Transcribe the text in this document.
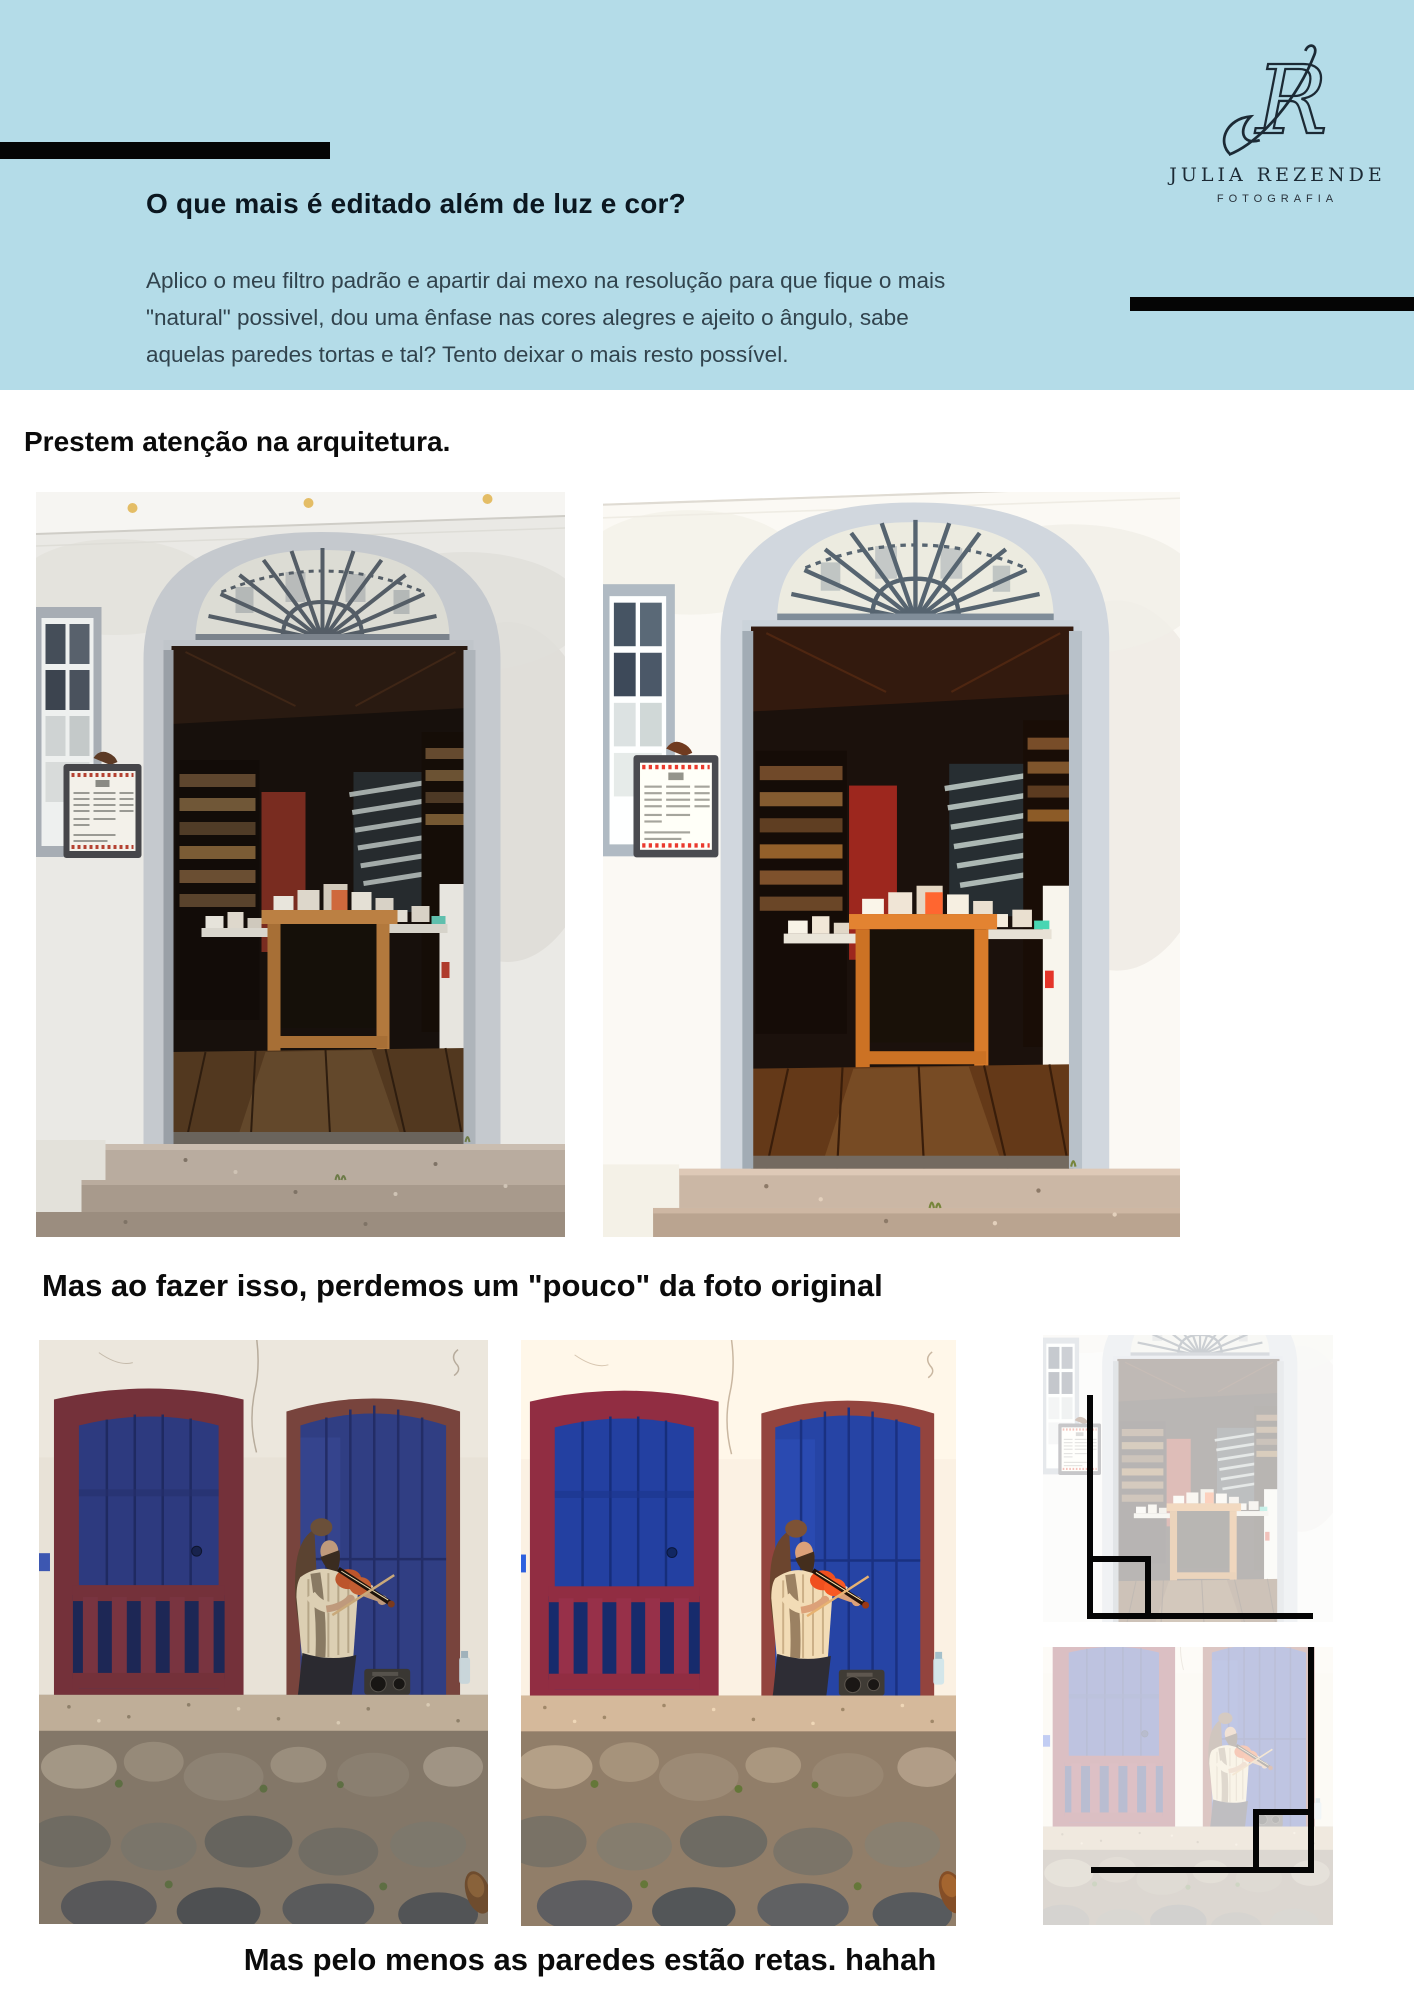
R
JULIA REZENDE
FOTOGRAFIA
O que mais é editado além de luz e cor?
Aplico o meu filtro padrão e apartir dai mexo na resolução para que fique o mais
"natural" possivel, dou uma ênfase nas cores alegres e ajeito o ângulo, sabe
aquelas paredes tortas e tal? Tento deixar o mais resto possível.
Prestem atenção na arquitetura.
Mas ao fazer isso, perdemos um "pouco" da foto original
Mas pelo menos as paredes estão retas. hahah
